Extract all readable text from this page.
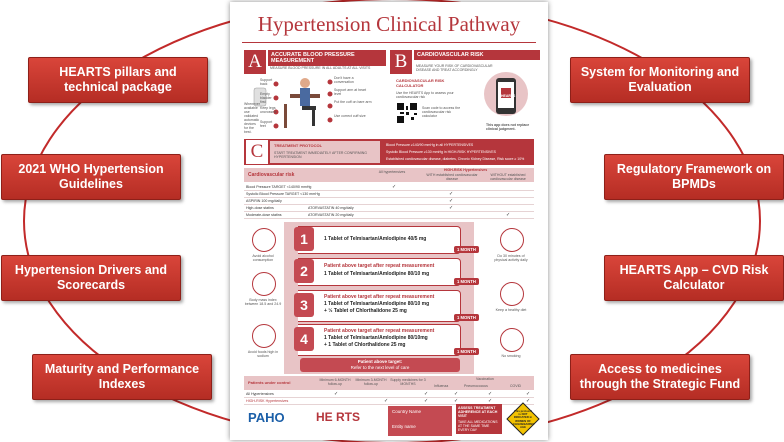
HEARTS pillars and technical package
2021 WHO Hypertension Guidelines
Hypertension Drivers and Scorecards
Maturity and Performance Indexes
System for Monitoring and Evaluation
Regulatory Framework on BPMDs
HEARTS App – CVD Risk Calculator
Access to medicines through the Strategic Fund
Hypertension Clinical Pathway
A	ACCURATE BLOOD PRESSURE MEASUREMENT
MEASURE BLOOD PRESSURE IN ALL ADULTS AT ALL VISITS
Support back
Don't have a conversation
Support arm at heart level
Empty bladder first	Put the cuff on bare arm
Keep legs uncrossed
Use correct cuff size
Support feet
Whenever available use validated automatic devices for the best.
B	CARDIOVASCULAR RISK
MEASURE YOUR RISK OF CARDIOVASCULAR DISEASE AND TREAT ACCORDINGLY
CARDIOVASCULAR RISK CALCULATOR
Use the HEARTS App to assess your cardiovascular risk
Scan code to access the cardiovascular risk calculator
HEARTS
This app does not replace clinical judgment.
C	TREATMENT PROTOCOL
START TREATMENT IMMEDIATELY AFTER CONFIRMING HYPERTENSION
Blood Pressure ≥140/90 mmHg in all HYPERTENSIVES
Systolic Blood Pressure ≥130 mmHg in HIGH-RISK HYPERTENSIVES
Established cardiovascular disease, diabetes, Chronic Kidney Disease, Risk score ≥ 10%
Cardiovascular risk	All hypertensives	HIGH-RISK Hypertensives
WITH established cardiovascular disease
WITHOUT established cardiovascular disease
Blood Pressure TARGET <140/90 mmHg	✓
Systolic Blood Pressure TARGET <130 mmHg	✓
ASPIRIN 100 mg/daily	✓
High-dose statins	ATORVASTATIN 40 mg/daily	✓
Moderate-dose statins	ATORVASTATIN 20 mg/daily	✓
1 Tablet of Telmisartan/Amlodipine 40/5 mg
1
1 MONTH
Patient above target after repeat measurement
1 Tablet of Telmisartan/Amlodipine 80/10 mg
2
1 MONTH
Patient above target after repeat measurement
1 Tablet of Telmisartan/Amlodipine 80/10 mg
+ ½ Tablet of Chlorthalidone 25 mg
3
1 MONTH
Patient above target after repeat measurement
1 Tablet of Telmisartan/Amlodipine 80/10mg
+ 1 Tablet of Chlorthalidone 25 mg
4
1 MONTH
Patient above target:
Refer to the next level of care
Avoid alcohol consumption
Body mass index between 18.5 and 24.9
Avoid foods high in sodium
Do 30 minutes of physical activity daily
Keep a healthy diet
No smoking
Patients under control	Minimum 6-MONTH follow-up
Minimum 3-MONTH follow-up
Supply medicines for 3 MONTHS
Vaccination
Influenza	Pneumococcus	COVID
All Hypertensives	✓	✓	✓	✓	✓
HIGH-RISK Hypertensives	✓	✓	✓	✓	✓
PAHO	HE RTS	Country Name
Entity name
ASSESS TREATMENT ADHERENCE AT EACH VISIT
TAKE ALL MEDICATIONS AT THE SAME TIME EVERY DAY
This protocol is NOT INDICATED in WOMEN OF CHILDBEARING AGE
